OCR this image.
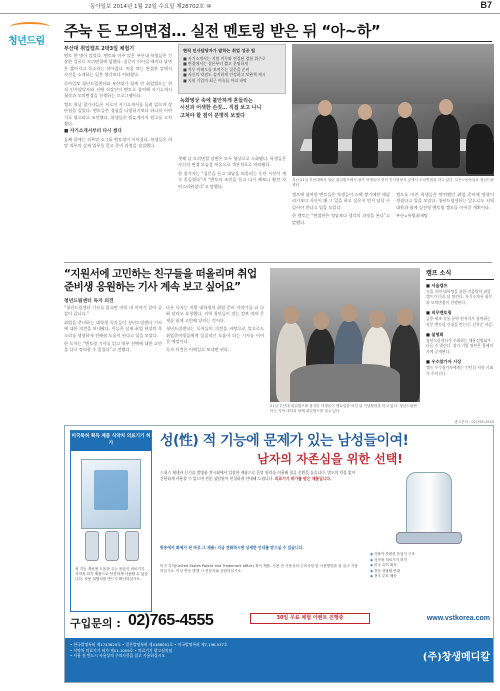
동아일보 2014년 1월 22일 수요일 제28702호 ⑩	B7
청년드림
주눅 든 모의면접… 실전 멘토링 받은 뒤 “아~하”
부산대 취업캠프 2박3일 체험기

멘토 한 명이 앉았다. 멘토와 마주 앉은 부산대 학생들은 긴장한 얼굴로 모의면접에 임했다. 질문이 이어질 때마다 답변은 짧아지고 목소리는 작아졌다. 처음 보는 면접관 앞에서 자신을 소개하는 일은 생각보다 어려웠다.

동아일보 청년드림센터와 부산대가 함께 연 취업캠프는 현직 인사담당자와 선배 직장인이 멘토로 참여해 자기소개서 첨삭과 모의면접을 진행하는 프로그램이다.

캠프 첫날 참가자들은 서로의 자기소개서를 돌려 읽으며 장단점을 짚었다. 멘토들은 경험을 나열하기보다 하나의 이야기로 엮으라고 조언했다. 학생들은 밤늦게까지 원고를 고쳐 썼다.

■ 자기소개서부터 다시 썼다

둘째 날에는 직무별 소그룹 멘토링이 이어졌다. 학생들은 희망 직무의 실제 업무를 묻고 준비 과정을 점검했다.

현직 인사담당자가 말하는 취업 성공 팁
■ 자기소개서는 지원 직무와 연결된 경험 위주로
■ 면접에서는 결론부터 짧고 분명하게
■ 직무 이해도를 보여주는 질문을 준비
■ 자신의 약점도 솔직하게 인정하고 보완책 제시
■ 지원 기업의 최근 이슈를 미리 파악
녹화영상 속에 불안하게 흔들리는
시선과 어색한 손짓… 직접 보고 나니
고쳐야 할 점이 분명히 보였다

셋째 날 모의면접 장면은 모두 영상으로 녹화됐다. 학생들은 자신의 면접 모습을 처음으로 객관적으로 바라봤다.

한 참가자는 “질문을 듣고 대답을 떠올리는 동안 시선이 계속 흔들렸다”며 “멘토의 조언을 듣고 다시 해보니 훨씬 자연스러워졌다”고 말했다.

지난 21일 부산대에서 열린 취업캠프에서 참가 학생들이 현직 인사담당자 앞에서 모의면접을 하고 있다. 부산=동아일보 청년드림센터

캠프에 참여한 멘토들은 학생들이 스펙 쌓기에만 매달리기보다 자신이 왜 그 일을 하고 싶은지 먼저 답할 수 있어야 한다고 입을 모았다.

한 멘토는 “면접관은 정답보다 생각의 과정을 본다”고 말했다.

캠프를 마친 학생들은 막연했던 취업 준비에 방향이 생겼다고 입을 모았다. 청년드림센터는 앞으로도 지역 대학과 함께 실전형 멘토링 캠프를 이어갈 계획이다.

부산=특별취재팀

“지원서에 고민하는 친구들을 떠올리며 취업준비생 응원하는 기사 계속 보고 싶어요”
청년드림센터 독자 의견

“청년드림센터 기사를 읽으면 마치 내 이야기 같아 공감이 갑니다.”

취업을 준비하는 대학생 독자들이 청년드림센터 기사에 대한 의견을 보내왔다. 이들은 실제 취업 현장의 목소리를 생생하게 전해줘 도움이 된다고 입을 모았다.

한 독자는 “멘토링 기사를 읽고 직무 선택에 대한 고민을 다시 정리할 수 있었다”고 전했다.

다른 독자는 지방 대학생의 취업 준비 이야기를 더 다뤄 달라고 요청했다. 지역 청년들이 겪는 정보 격차 문제를 함께 고민해 달라는 것이다.

청년드림센터는 독자들의 의견을 바탕으로 앞으로도 취업준비생들에게 실질적인 도움이 되는 기사를 이어갈 예정이다.

독자 의견은 이메일로 보내면 된다.

21일 부산대 취업캠프에 참가한 학생들이 멘토링을 마친 뒤 기념촬영을 하고 있다. 청년드림센터는 지역 대학과 함께 취업캠프를 열고 있다.
캠프 소식
■ 서울캠프
서울 지역 대학생을 위한 겨울방학 취업캠프가 다음 달 열린다. 자기소개서 첨삭과 모의면접이 진행된다.
■ 직무멘토링
금융·제조·유통 분야 현직자가 참여하는 직무 멘토링 신청을 받는다. 선착순 마감.
■ 설명회
청년드림센터가 주최하는 채용설명회가 다음 주 열린다. 참가 기업 명단은 홈페이지에 공개된다.
■ 우수참가자 시상
캠프 우수참가자에게는 인턴십 지원 기회가 주어진다.
광고문의 : 02)765-4555
미국특허 획득 제품 식약처 의료기기 허가
성 기능 개선에 도움을 주는 음압식 의료기기. 식약처 허가 제품으로 안전하게 사용할 수 있습니다. 사용 설명서를 반드시 확인하십시오.
성(性) 적 기능에 문제가 있는 남성들이여!
남자의 자존심을 위한 선택!
스위스 제네바 신기술 발명품 전시회에서 입상한 제품으로 음압 원리를 이용해 혈류 순환을 돕습니다. 별도의 약물 없이 간편하게 사용할 수 있으며 전문 상담원이 친절하게 안내해 드립니다. 의료기기 허가를 받은 제품입니다.
방송에서 화제가 된 바로 그 제품! 지금 전화하시면 상세한 안내를 받으실 수 있습니다.
미국 특허(United States Patent and Trademark office) 획득 제품. 사용 전 사용상의 주의사항 및 사용방법을 잘 읽고 사용하십시오. 이상 반응 발생 시 전문가와 상담하십시오.
◉ 사용이 간편한 음압식 구조
◉ 식약처 의료기기 허가
◉ 미국 특허 획득
◉ 전문 상담원 안내
◉ 전국 무료 배송
구입문의 : 02)765-4555	30일 무료 체험 이벤트 진행중	www.vstkorea.com
• 한국발명특허 제1743620호 • 일본발명특허 제4188051호 • 미국발명특허 제7,198,537호
• 식약처 의료기기 허가 제11-1009호 • 의료기기 광고심의필
• 사용 전 반드시 사용상의 주의사항을 읽고 사용하십시오	(주)창생메디칼
